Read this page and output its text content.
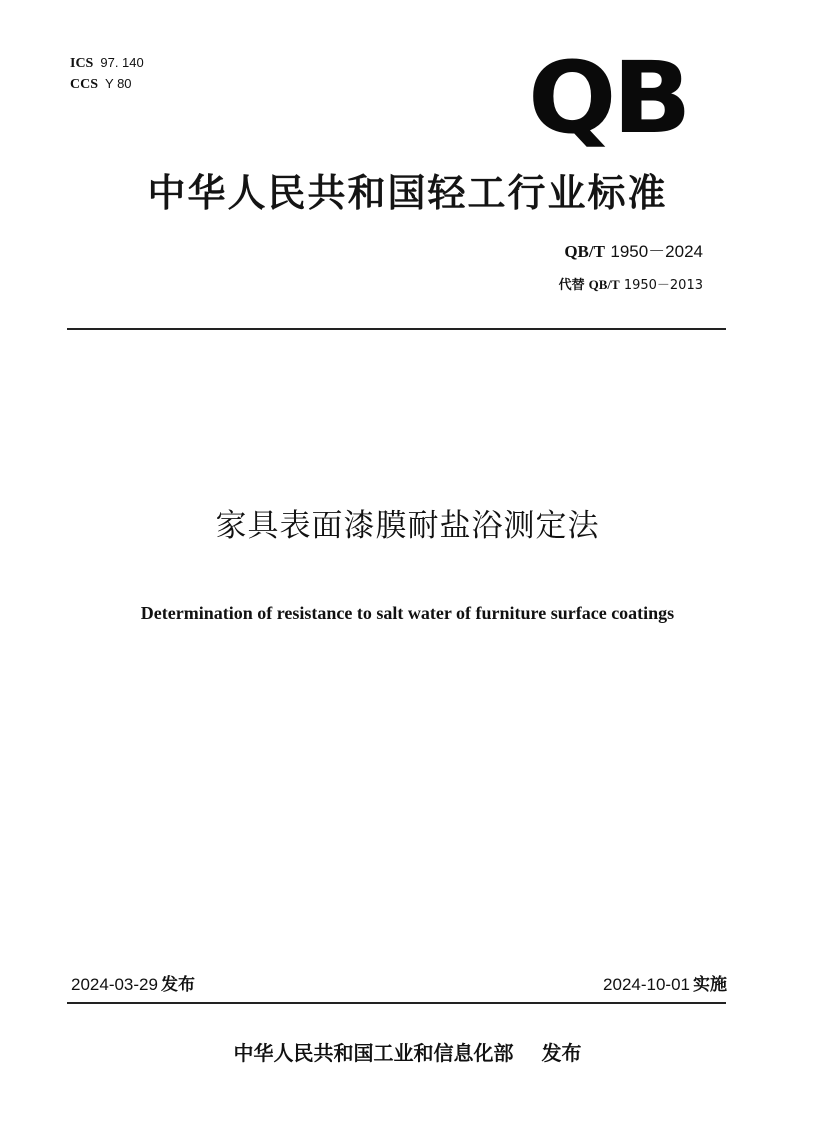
ICS 97. 140
CCS Y 80	QB
中华人民共和国轻工行业标准
QB/T 1950－2024
代替 QB/T 1950－2013
家具表面漆膜耐盐浴测定法
Determination of resistance to salt water of furniture surface coatings
2024-03-29 发布	2024-10-01 实施
中华人民共和国工业和信息化部 发布
